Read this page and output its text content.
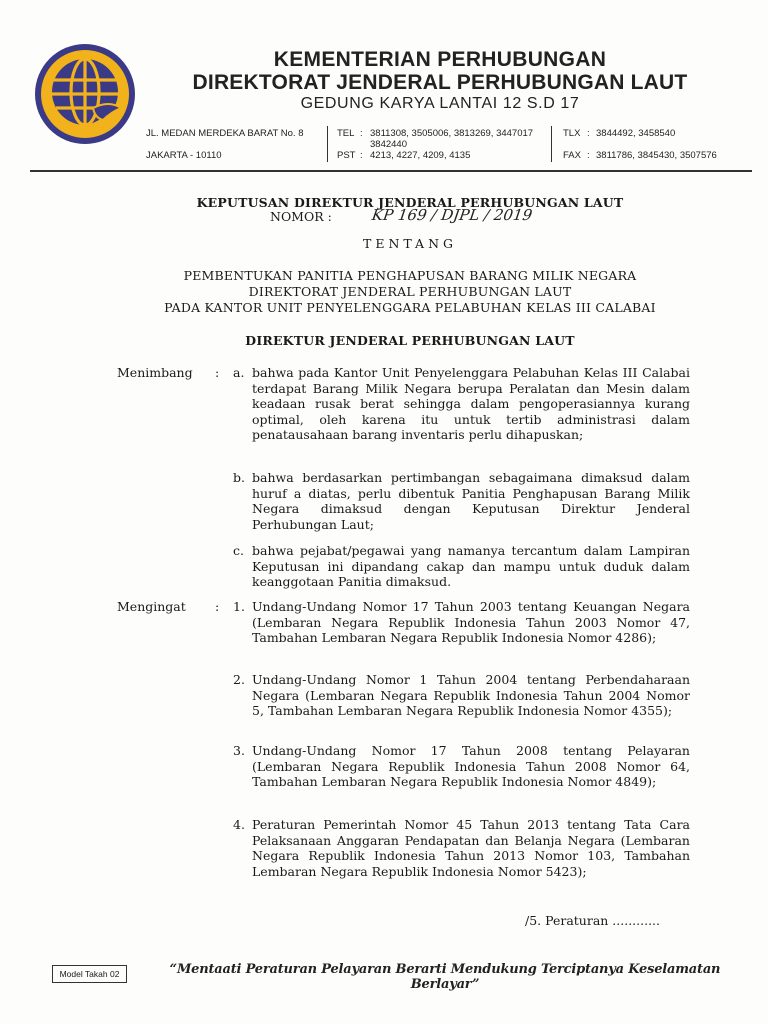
KEMENTERIAN PERHUBUNGAN
DIREKTORAT JENDERAL PERHUBUNGAN LAUT
GEDUNG KARYA LANTAI 12 S.D 17
JL. MEDAN MERDEKA BARAT No. 8
JAKARTA - 10110
TEL : 3811308, 3505006, 3813269, 3447017
3842440
PST : 4213, 4227, 4209, 4135
TLX : 3844492, 3458540
FAX : 3811786, 3845430, 3507576
KEPUTUSAN DIREKTUR JENDERAL PERHUBUNGAN LAUT
NOMOR :	KP 169 / DJPL / 2019
TENTANG
PEMBENTUKAN PANITIA PENGHAPUSAN BARANG MILIK NEGARA
DIREKTORAT JENDERAL PERHUBUNGAN LAUT
PADA KANTOR UNIT PENYELENGGARA PELABUHAN KELAS III CALABAI
DIREKTUR JENDERAL PERHUBUNGAN LAUT
Menimbang : a. bahwa pada Kantor Unit Penyelenggara Pelabuhan Kelas III Calabai terdapat Barang Milik Negara berupa Peralatan dan Mesin dalam keadaan rusak berat sehingga dalam pengoperasiannya kurang optimal, oleh karena itu untuk tertib administrasi dalam penatausahaan barang inventaris perlu dihapuskan;
b. bahwa berdasarkan pertimbangan sebagaimana dimaksud dalam huruf a diatas, perlu dibentuk Panitia Penghapusan Barang Milik Negara dimaksud dengan Keputusan Direktur Jenderal Perhubungan Laut;
c. bahwa pejabat/pegawai yang namanya tercantum dalam Lampiran Keputusan ini dipandang cakap dan mampu untuk duduk dalam keanggotaan Panitia dimaksud.
Mengingat : 1. Undang-Undang Nomor 17 Tahun 2003 tentang Keuangan Negara (Lembaran Negara Republik Indonesia Tahun 2003 Nomor 47, Tambahan Lembaran Negara Republik Indonesia Nomor 4286);
2. Undang-Undang Nomor 1 Tahun 2004 tentang Perbendaharaan Negara (Lembaran Negara Republik Indonesia Tahun 2004 Nomor 5, Tambahan Lembaran Negara Republik Indonesia Nomor 4355);
3. Undang-Undang Nomor 17 Tahun 2008 tentang Pelayaran (Lembaran Negara Republik Indonesia Tahun 2008 Nomor 64, Tambahan Lembaran Negara Republik Indonesia Nomor 4849);
4. Peraturan Pemerintah Nomor 45 Tahun 2013 tentang Tata Cara Pelaksanaan Anggaran Pendapatan dan Belanja Negara (Lembaran Negara Republik Indonesia Tahun 2013 Nomor 103, Tambahan Lembaran Negara Republik Indonesia Nomor 5423);
/5. Peraturan ............
Model Takah 02	“Mentaati Peraturan Pelayaran Berarti Mendukung Terciptanya Keselamatan Berlayar”
